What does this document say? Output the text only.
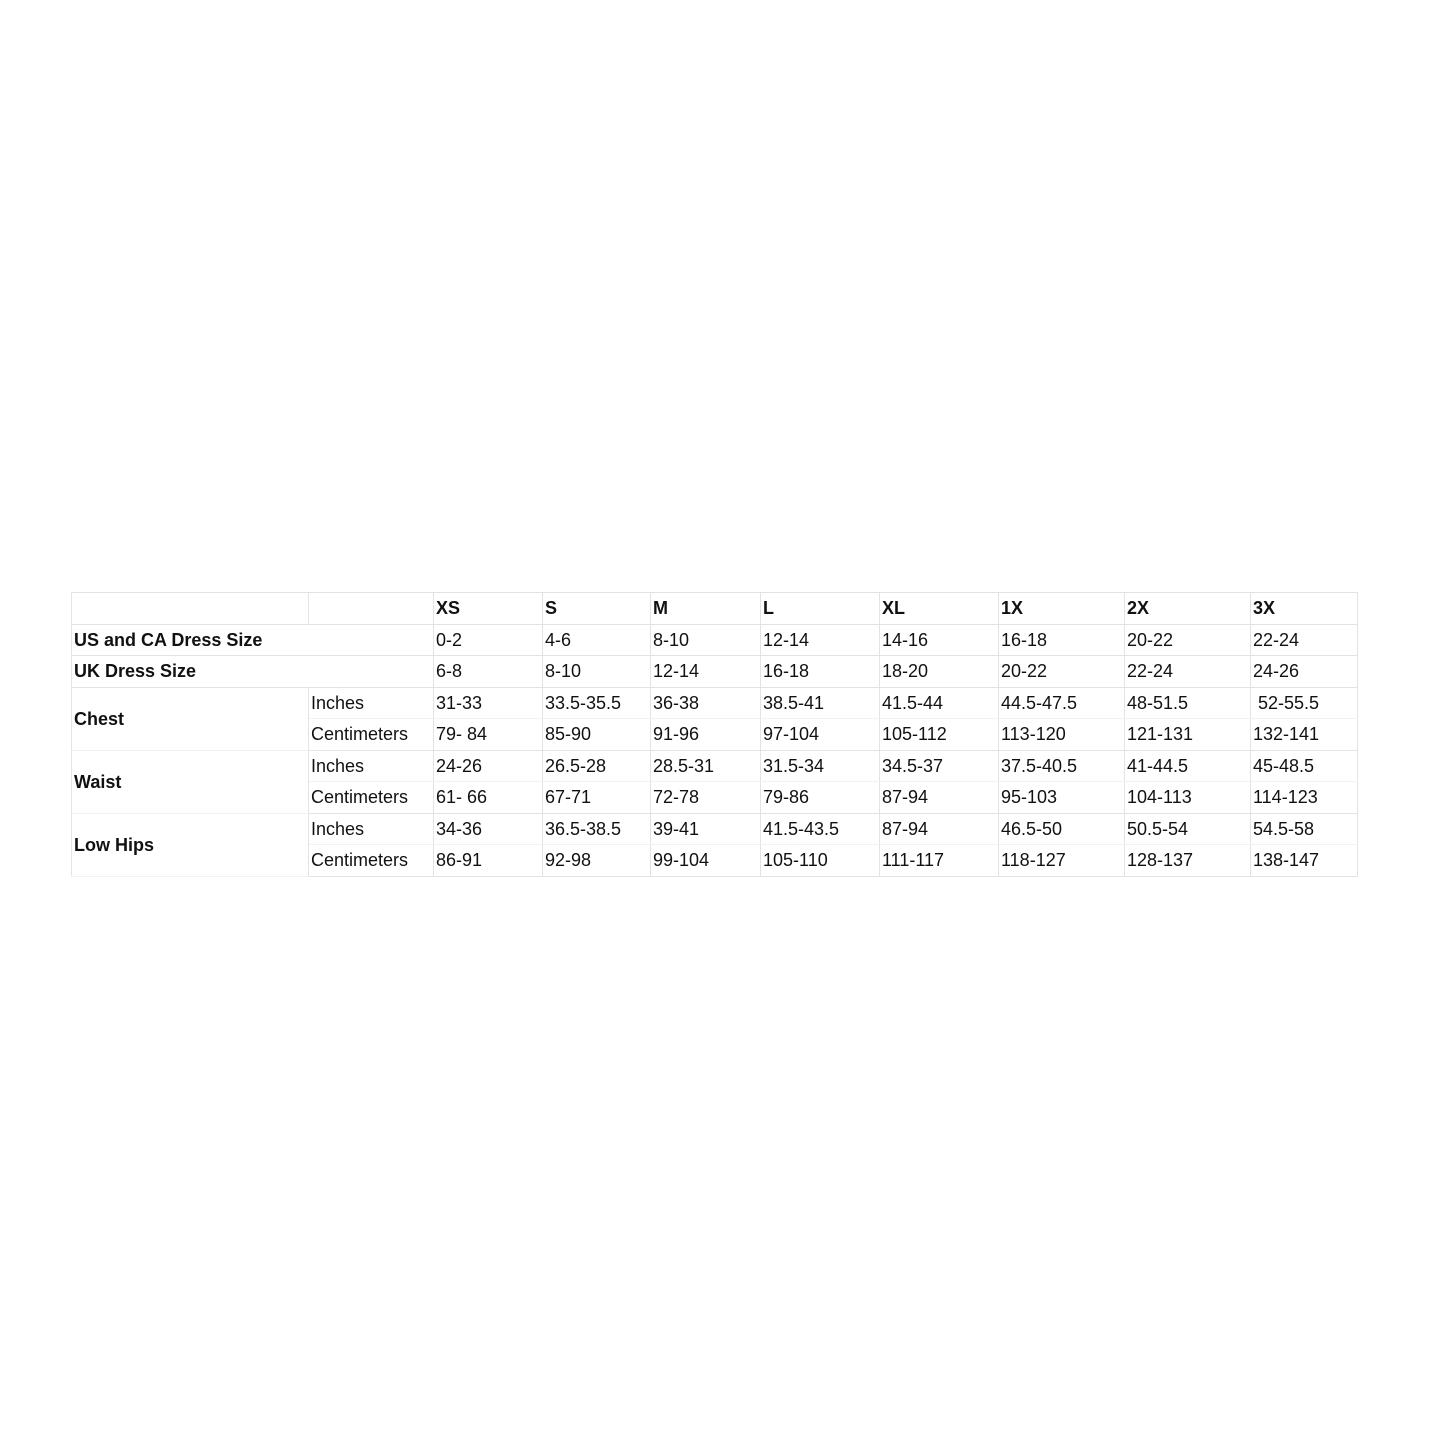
		XS	S	M	L	XL	1X	2X	3X
US and CA Dress Size		0-2	4-6	8-10	12-14	14-16	16-18	20-22	22-24
UK Dress Size		6-8	8-10	12-14	16-18	18-20	20-22	22-24	24-26
Chest	Inches	31-33	33.5-35.5	36-38	38.5-41	41.5-44	44.5-47.5	48-51.5	52-55.5
	Centimeters	79- 84	85-90	91-96	97-104	105-112	113-120	121-131	132-141
Waist	Inches	24-26	26.5-28	28.5-31	31.5-34	34.5-37	37.5-40.5	41-44.5	45-48.5
	Centimeters	61- 66	67-71	72-78	79-86	87-94	95-103	104-113	114-123
Low Hips	Inches	34-36	36.5-38.5	39-41	41.5-43.5	87-94	46.5-50	50.5-54	54.5-58
	Centimeters	86-91	92-98	99-104	105-110	111-117	118-127	128-137	138-147
